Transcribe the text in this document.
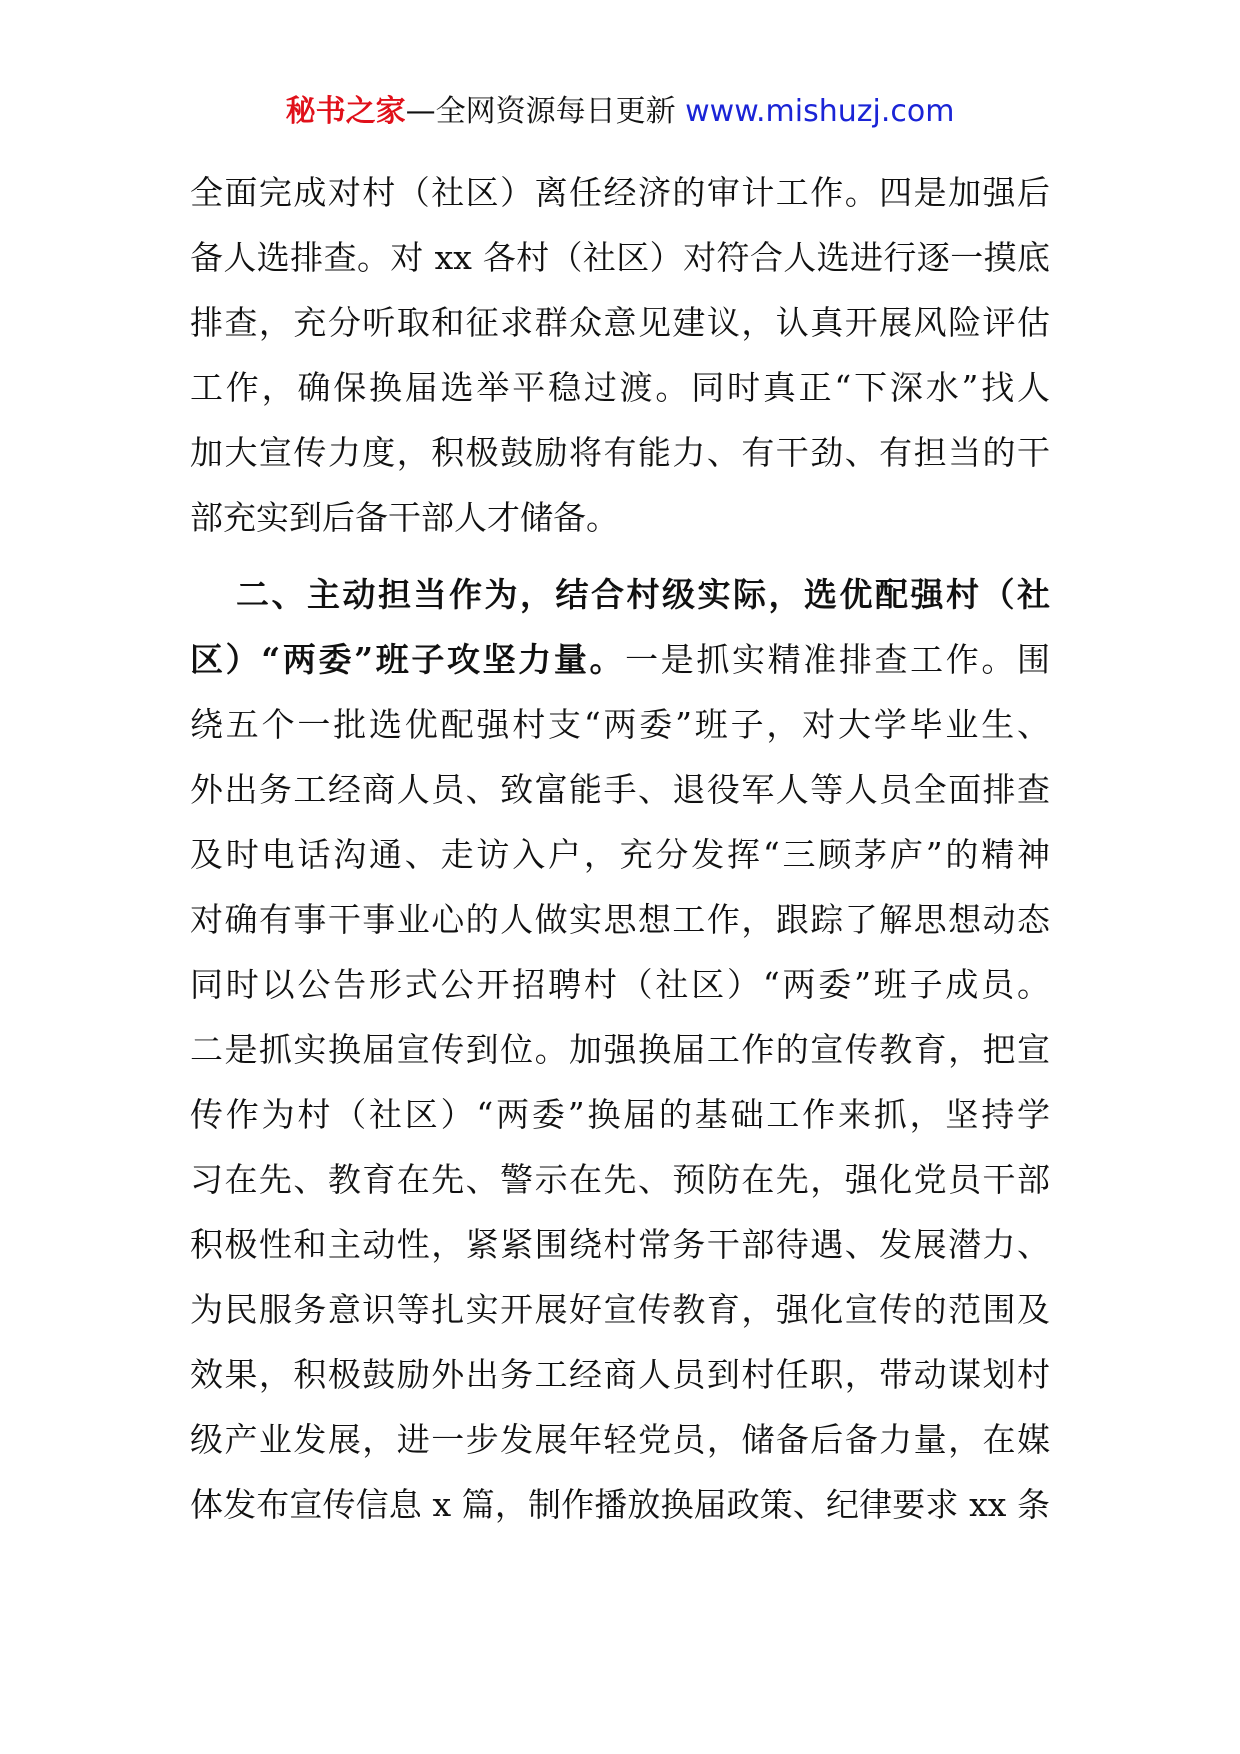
秘书之家—全网资源每日更新 www.mishuzj.com
全面完成对村（社区）离任经济的审计工作。四是加强后
备人选排查。对 xx 各村（社区）对符合人选进行逐一摸底
排查，充分听取和征求群众意见建议，认真开展风险评估
工作，确保换届选举平稳过渡。同时真正“下深水”找人
加大宣传力度，积极鼓励将有能力、有干劲、有担当的干
部充实到后备干部人才储备。
二、主动担当作为，结合村级实际，选优配强村（社
区）“两委”班子攻坚力量。一是抓实精准排查工作。围
绕五个一批选优配强村支“两委”班子，对大学毕业生、
外出务工经商人员、致富能手、退役军人等人员全面排查
及时电话沟通、走访入户，充分发挥“三顾茅庐”的精神
对确有事干事业心的人做实思想工作，跟踪了解思想动态
同时以公告形式公开招聘村（社区）“两委”班子成员。
二是抓实换届宣传到位。加强换届工作的宣传教育，把宣
传作为村（社区）“两委”换届的基础工作来抓，坚持学
习在先、教育在先、警示在先、预防在先，强化党员干部
积极性和主动性，紧紧围绕村常务干部待遇、发展潜力、
为民服务意识等扎实开展好宣传教育，强化宣传的范围及
效果，积极鼓励外出务工经商人员到村任职，带动谋划村
级产业发展，进一步发展年轻党员，储备后备力量，在媒
体发布宣传信息 x 篇，制作播放换届政策、纪律要求 xx 条
